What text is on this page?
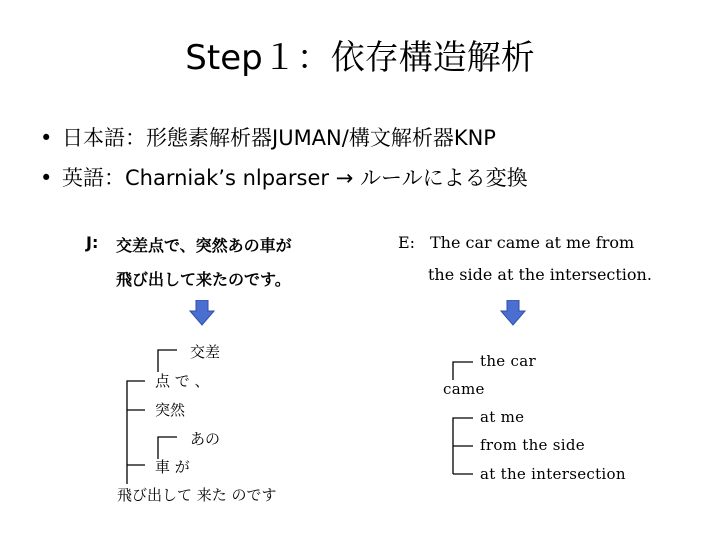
Step１：依存構造解析
• 日本語：形態素解析器JUMAN/構文解析器KNP
• 英語：Charniak’s nlparser → ルールによる変換
J: 交差点で、突然あの車が
飛び出して来たのです。
E: The car came at me from
the side at the intersection.
交差
点 で 、
突然
あの
車 が
飛び出して 来た のです
the car
came
at me
from the side
at the intersection
